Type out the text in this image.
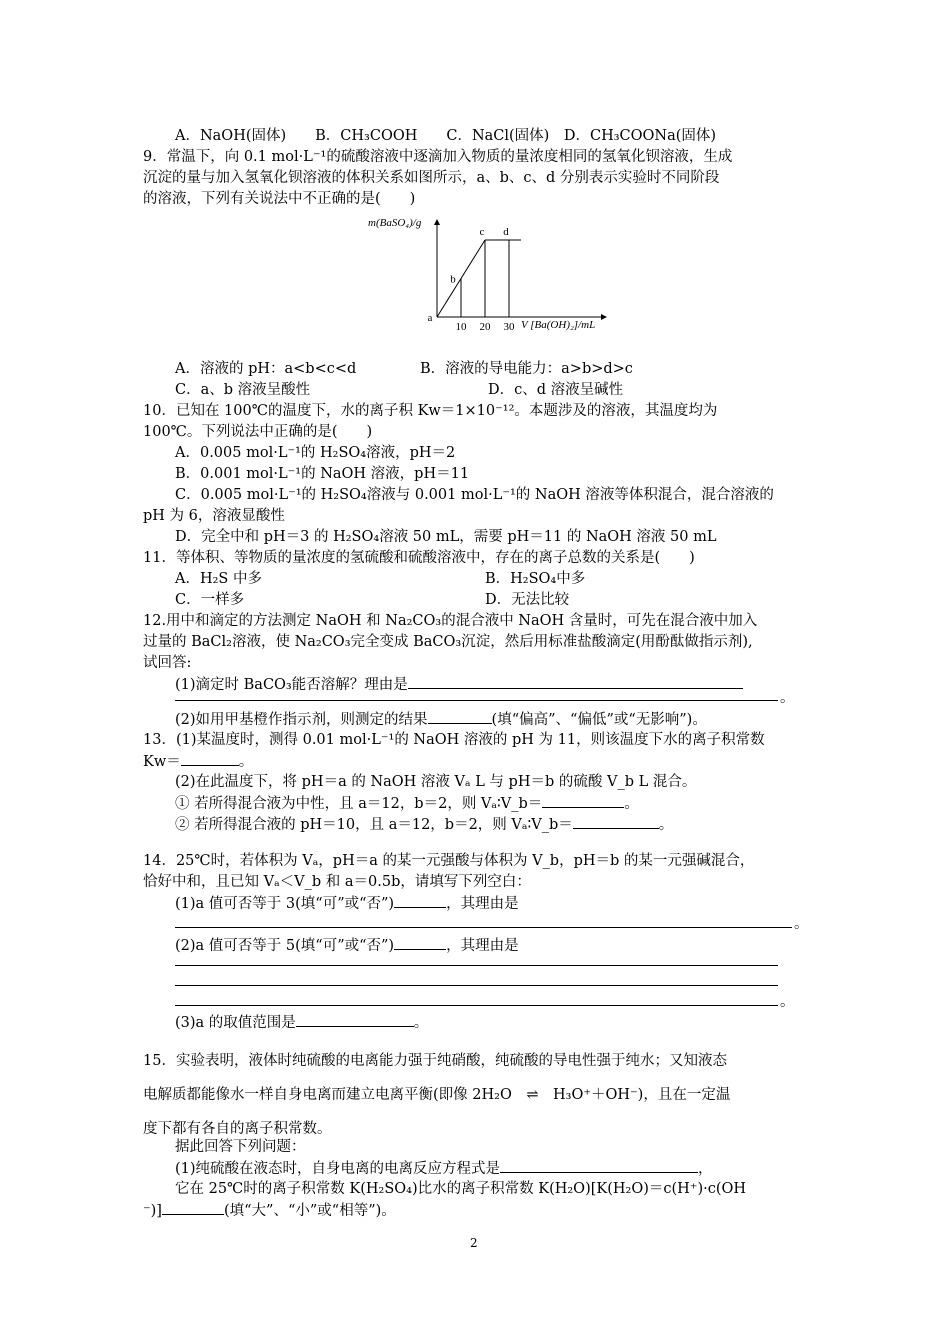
A．NaOH(固体)　　B．CH₃COOH　　C．NaCl(固体)　D．CH₃COONa(固体)
9．常温下，向 0.1 mol·L⁻¹的硫酸溶液中逐滴加入物质的量浓度相同的氢氧化钡溶液，生成
沉淀的量与加入氢氧化钡溶液的体积关系如图所示，a、b、c、d 分别表示实验时不同阶段
的溶液，下列有关说法中不正确的是(　　)
m(BaSO₄)/g
V [Ba(OH)₂]/mL
10 20 30
a
b
c d
A．溶液的 pH：a<b<c<d	B．溶液的导电能力：a>b>d>c
C．a、b 溶液呈酸性	D．c、d 溶液呈碱性
10．已知在 100℃的温度下，水的离子积 Kw＝1×10⁻¹²。本题涉及的溶液，其温度均为
100℃。下列说法中正确的是(　　)
A．0.005 mol·L⁻¹的 H₂SO₄溶液，pH＝2
B．0.001 mol·L⁻¹的 NaOH 溶液，pH＝11
C．0.005 mol·L⁻¹的 H₂SO₄溶液与 0.001 mol·L⁻¹的 NaOH 溶液等体积混合，混合溶液的
pH 为 6，溶液显酸性
D．完全中和 pH＝3 的 H₂SO₄溶液 50 mL，需要 pH＝11 的 NaOH 溶液 50 mL
11．等体积、等物质的量浓度的氢硫酸和硫酸溶液中，存在的离子总数的关系是(　　)
A．H₂S 中多	B．H₂SO₄中多
C．一样多	D．无法比较
12.用中和滴定的方法测定 NaOH 和 Na₂CO₃的混合液中 NaOH 含量时，可先在混合液中加入
过量的 BaCl₂溶液，使 Na₂CO₃完全变成 BaCO₃沉淀，然后用标准盐酸滴定(用酚酞做指示剂),
试回答:
(1)滴定时 BaCO₃能否溶解？理由是
。
(2)如用甲基橙作指示剂，则测定的结果	(填“偏高”、“偏低”或“无影响”)。
13．(1)某温度时，测得 0.01 mol·L⁻¹的 NaOH 溶液的 pH 为 11，则该温度下水的离子积常数
Kw＝	。
(2)在此温度下，将 pH＝a 的 NaOH 溶液 Vₐ L 与 pH＝b 的硫酸 V_b L 混合。
① 若所得混合液为中性，且 a＝12，b＝2，则 Vₐ∶V_b＝	。
② 若所得混合液的 pH＝10，且 a＝12，b＝2，则 Vₐ∶V_b＝	。
14．25℃时，若体积为 Vₐ，pH＝a 的某一元强酸与体积为 V_b，pH＝b 的某一元强碱混合，
恰好中和，且已知 Vₐ＜V_b 和 a＝0.5b，请填写下列空白：
(1)a 值可否等于 3(填“可”或“否”)	，其理由是
。
(2)a 值可否等于 5(填“可”或“否”)	，其理由是
。
(3)a 的取值范围是	。
15．实验表明，液体时纯硫酸的电离能力强于纯硝酸，纯硫酸的导电性强于纯水；又知液态
电解质都能像水一样自身电离而建立电离平衡(即像 2H₂O　⇌　H₃O⁺＋OH⁻)，且在一定温
度下都有各自的离子积常数。
据此回答下列问题：
(1)纯硫酸在液态时，自身电离的电离反应方程式是	，
它在 25℃时的离子积常数 K(H₂SO₄)比水的离子积常数 K(H₂O)[K(H₂O)＝c(H⁺)·c(OH
⁻)]	(填“大”、“小”或“相等”)。
2
